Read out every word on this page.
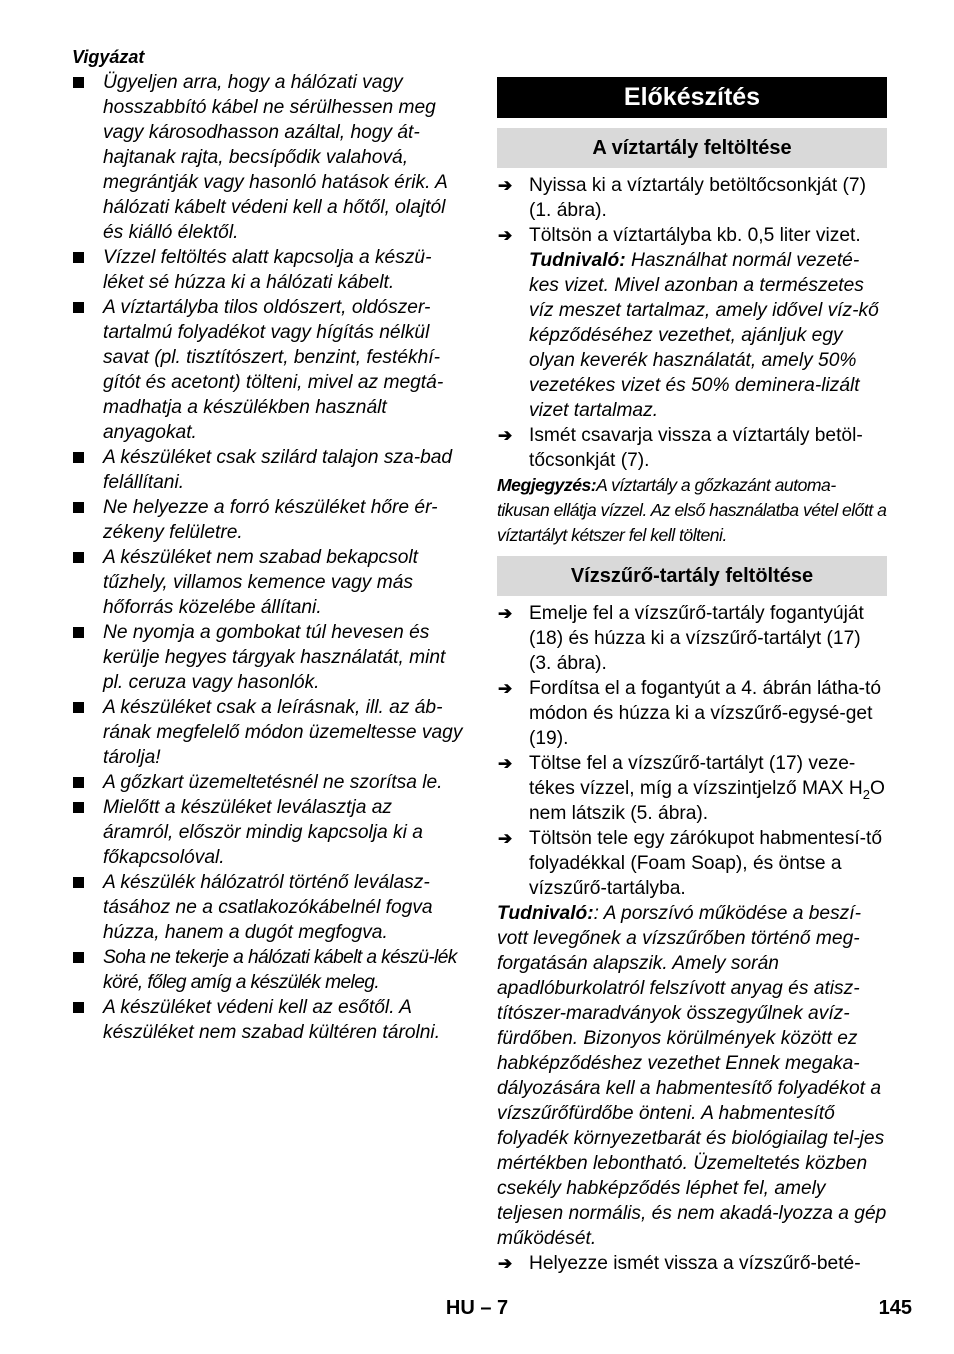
Vigyázat
Ügyeljen arra, hogy a hálózati vagy hosszabbító kábel ne sérülhessen meg vagy károsodhasson azáltal, hogy át-hajtanak rajta, becsípődik valahová, megrántják vagy hasonló hatások érik. A hálózati kábelt védeni kell a hőtől, olajtól és kiálló élektől.
Vízzel feltöltés alatt kapcsolja a készü-léket sé húzza ki a hálózati kábelt.
A víztartályba tilos oldószert, oldószer-tartalmú folyadékot vagy hígítás nélkül savat (pl. tisztítószert, benzint, festékhí-gítót és acetont) tölteni, mivel az megtá-madhatja a készülékben használt anyagokat.
A készüléket csak szilárd talajon sza-bad felállítani.
Ne helyezze a forró készüléket hőre ér-zékeny felületre.
A készüléket nem szabad bekapcsolt tűzhely, villamos kemence vagy más hőforrás közelébe állítani.
Ne nyomja a gombokat túl hevesen és kerülje hegyes tárgyak használatát, mint pl. ceruza vagy hasonlók.
A készüléket csak a leírásnak, ill. az áb-rának megfelelő módon üzemeltesse vagy tárolja!
A gőzkart üzemeltetésnél ne szorítsa le.
Mielőtt a készüléket leválasztja az áramról, először mindig kapcsolja ki a főkapcsolóval.
A készülék hálózatról történő leválasz-tásához ne a csatlakozókábelnél fogva húzza, hanem a dugót megfogva.
Soha ne tekerje a hálózati kábelt a készü-lék köré, főleg amíg a készülék meleg.
A készüléket védeni kell az esőtől. A készüléket nem szabad kültéren tárolni.
Előkészítés
A víztartály feltöltése
➔ Nyissa ki a víztartály betöltőcsonkját (7) (1. ábra).
➔ Töltsön a víztartályba kb. 0,5 liter vizet.
Tudnivaló: Használhat normál vezeté-kes vizet. Mivel azonban a természetes víz meszet tartalmaz, amely idővel víz-kő képződéséhez vezethet, ajánljuk egy olyan keverék használatát, amely 50% vezetékes vizet és 50% deminera-lizált vizet tartalmaz.
➔ Ismét csavarja vissza a víztartály betöl-tőcsonkját (7).
Megjegyzés:A víztartály a gőzkazánt automa-tikusan ellátja vízzel. Az első használatba vétel előtt a víztartályt kétszer fel kell tölteni.
Vízszűrő-tartály feltöltése
➔ Emelje fel a vízszűrő-tartály fogantyúját (18) és húzza ki a vízszűrő-tartályt (17) (3. ábra).
➔ Fordítsa el a fogantyút a 4. ábrán látha-tó módon és húzza ki a vízszűrő-egysé-get (19).
➔ Töltse fel a vízszűrő-tartályt (17) veze-tékes vízzel, míg a vízszintjelző MAX $H_2O$ nem látszik (5. ábra).
➔ Töltsön tele egy zárókupot habmentesí-tő folyadékkal (Foam Soap), és öntse a vízszűrő-tartályba.
Tudnivaló:: A porszívó működése a beszí-vott levegőnek a vízszűrőben történő meg-forgatásán alapszik. Amely során apadlóburkolatról felszívott anyag és atisz-títószer-maradványok összegyűlnek avíz-fürdőben. Bizonyos körülmények között ez habképződéshez vezethet Ennek megaka-dályozására kell a habmentesítő folyadékot a vízszűrőfürdőbe önteni. A habmentesítő folyadék környezetbarát és biológiailag tel-jes mértékben lebontható. Üzemeltetés közben csekély habképződés léphet fel, amely teljesen normális, és nem akadá-lyozza a gép működését.
➔ Helyezze ismét vissza a vízszűrő-beté-
HU – 7	145
